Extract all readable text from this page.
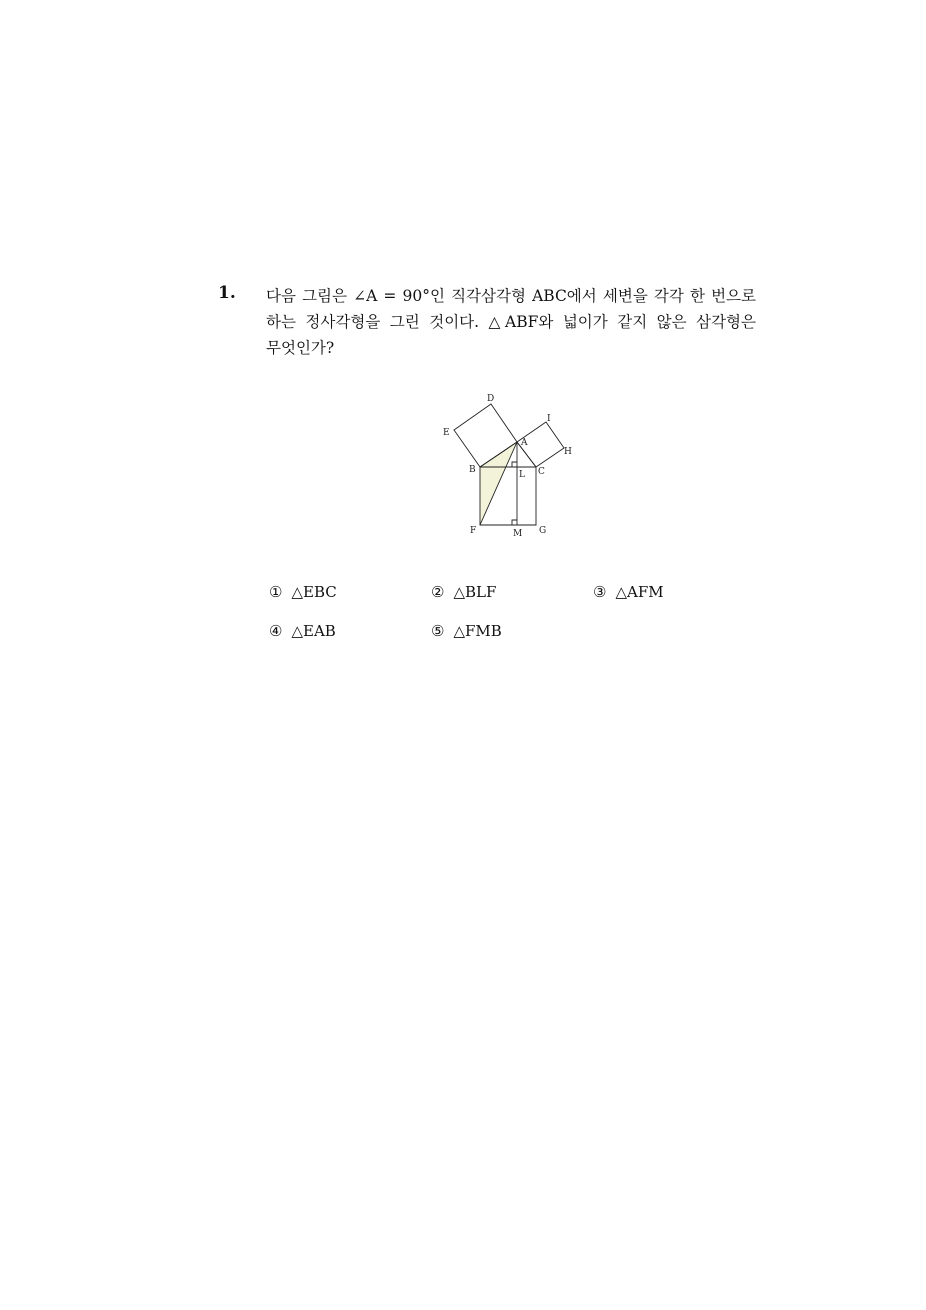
1. 다음 그림은 ∠A = 90°인 직각삼각형 ABC에서 세변을 각각 한 번으로
하는 정사각형을 그린 것이다. △ABF와 넓이가 같지 않은 삼각형은
무엇인가?
D
I
E
A
H
B	L C
F	M G
① △EBC	② △BLF	③ △AFM
④ △EAB	⑤ △FMB
